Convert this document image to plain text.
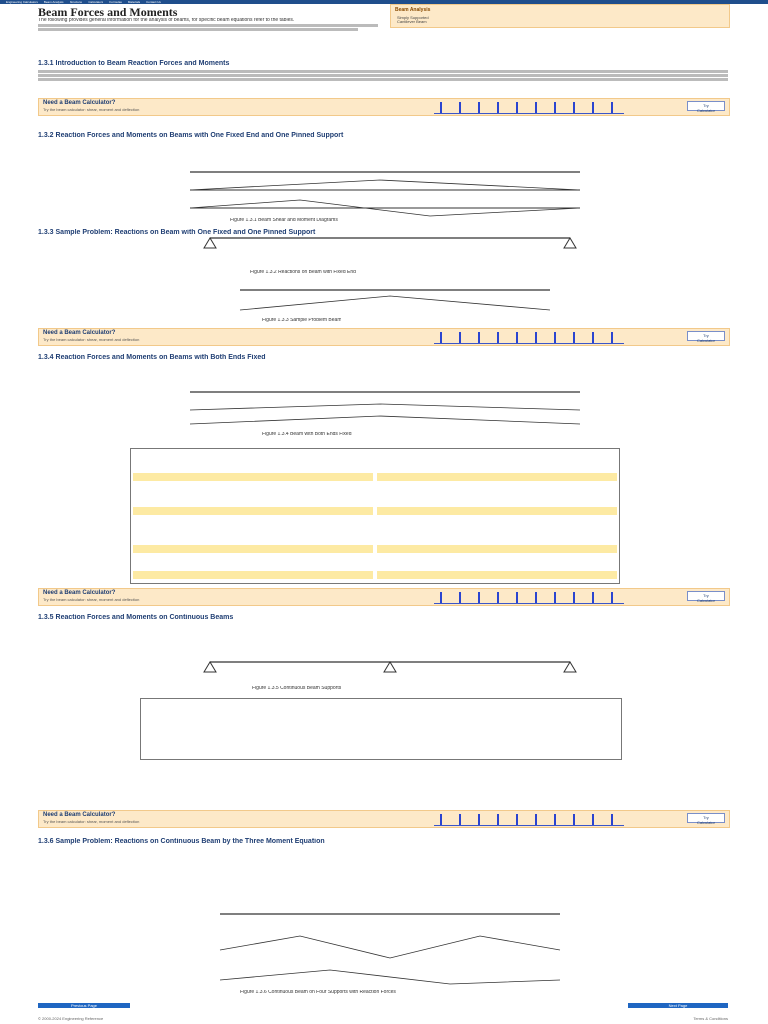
Engineering Calculators Beam Analysis Structural Calculators Formulas Materials Contact Us
Beam Forces and Moments
The following provides general information for the analysis of beams, for specific beam equations refer to the tables.
1.3.1 Introduction to Beam Reaction Forces and Moments
1.3.2 Reaction Forces and Moments on Beams with One Fixed End and One Pinned Support
1.3.3 Sample Problem: Reactions on Beam with One Fixed and One Pinned Support
1.3.4 Reaction Forces and Moments on Beams with Both Ends Fixed
1.3.5 Reaction Forces and Moments on Continuous Beams
1.3.6 Sample Problem: Reactions on Continuous Beam by the Three Moment Equation
Beam Analysis
Simply Supported
Cantilever Beam
Need a Beam Calculator?
Try the beam calculator: shear, moment and deflection
Try Calculator
Need a Beam Calculator?
Try the beam calculator: shear, moment and deflection
Try Calculator
Need a Beam Calculator?
Try the beam calculator: shear, moment and deflection
Try Calculator
Need a Beam Calculator?
Try the beam calculator: shear, moment and deflection
Try Calculator
Figure 1.3.1 Beam Shear and Moment Diagrams
Figure 1.3.2 Reactions on Beam with Fixed End
Figure 1.3.3 Sample Problem Beam
Figure 1.3.4 Beam with Both Ends Fixed
Figure 1.3.5 Continuous Beam Supports
Figure 1.3.6 Continuous Beam on Four Supports with Reaction Forces
Previous Page	Next Page
© 2000-2024 Engineering Reference	Terms & Conditions
